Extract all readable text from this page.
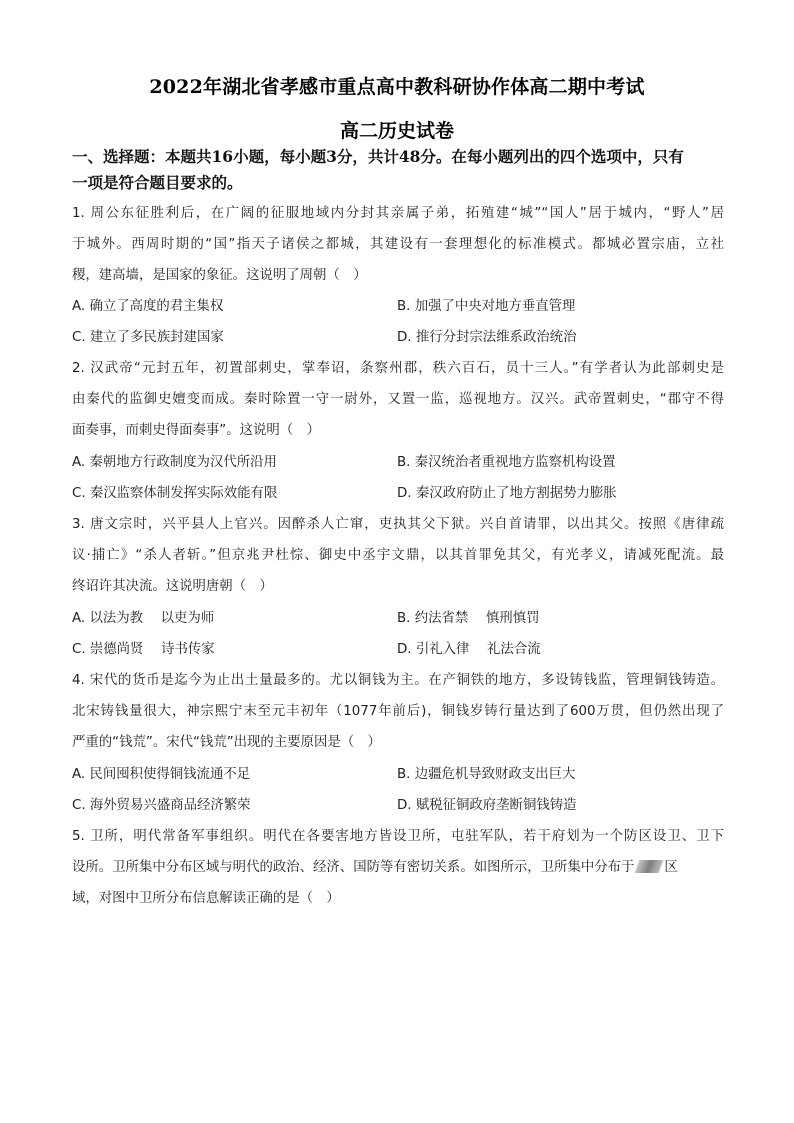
2022年湖北省孝感市重点高中教科研协作体高二期中考试
高二历史试卷
一、选择题：本题共16小题，每小题3分，共计48分。在每小题列出的四个选项中，只有
一项是符合题目要求的。
1. 周公东征胜利后，在广阔的征服地域内分封其亲属子弟，拓殖建“城”“国人”居于城内，“野人”居
于城外。西周时期的“国”指天子诸侯之都城，其建设有一套理想化的标准模式。都城必置宗庙，立社
稷，建高墙，是国家的象征。这说明了周朝（　）
A. 确立了高度的君主集权	B. 加强了中央对地方垂直管理
C. 建立了多民族封建国家	D. 推行分封宗法维系政治统治
2. 汉武帝“元封五年，初置部刺史，掌奉诏，条察州郡，秩六百石，员十三人。”有学者认为此部刺史是
由秦代的监御史嬗变而成。秦时除置一守一尉外，又置一监，巡视地方。汉兴。武帝置刺史，“郡守不得
面奏事，而刺史得面奏事”。这说明（　）
A. 秦朝地方行政制度为汉代所沿用	B. 秦汉统治者重视地方监察机构设置
C. 秦汉监察体制发挥实际效能有限	D. 秦汉政府防止了地方割据势力膨胀
3. 唐文宗时，兴平县人上官兴。因醉杀人亡窜，吏执其父下狱。兴自首请罪，以出其父。按照《唐律疏
议·捕亡》“杀人者斩。”但京兆尹杜悰、御史中丞宇文鼎，以其首罪免其父，有光孝义，请减死配流。最
终诏许其决流。这说明唐朝（　）
A. 以法为教　 以吏为师	B. 约法省禁　 慎刑慎罚
C. 崇德尚贤　 诗书传家	D. 引礼入律　 礼法合流
4. 宋代的货币是迄今为止出土量最多的。尤以铜钱为主。在产铜铁的地方，多设铸钱监，管理铜钱铸造。
北宋铸钱量很大，神宗熙宁末至元丰初年（1077年前后)，铜钱岁铸行量达到了600万贯，但仍然出现了
严重的“钱荒”。宋代“钱荒”出现的主要原因是（　）
A. 民间囤积使得铜钱流通不足	B. 边疆危机导致财政支出巨大
C. 海外贸易兴盛商品经济繁荣	D. 赋税征铜政府垄断铜钱铸造
5. 卫所，明代常备军事组织。明代在各要害地方皆设卫所，屯驻军队，若干府划为一个防区设卫、卫下
设所。卫所集中分布区域与明代的政治、经济、国防等有密切关系。如图所示，卫所集中分布于 区
域，对图中卫所分布信息解读正确的是（　）
